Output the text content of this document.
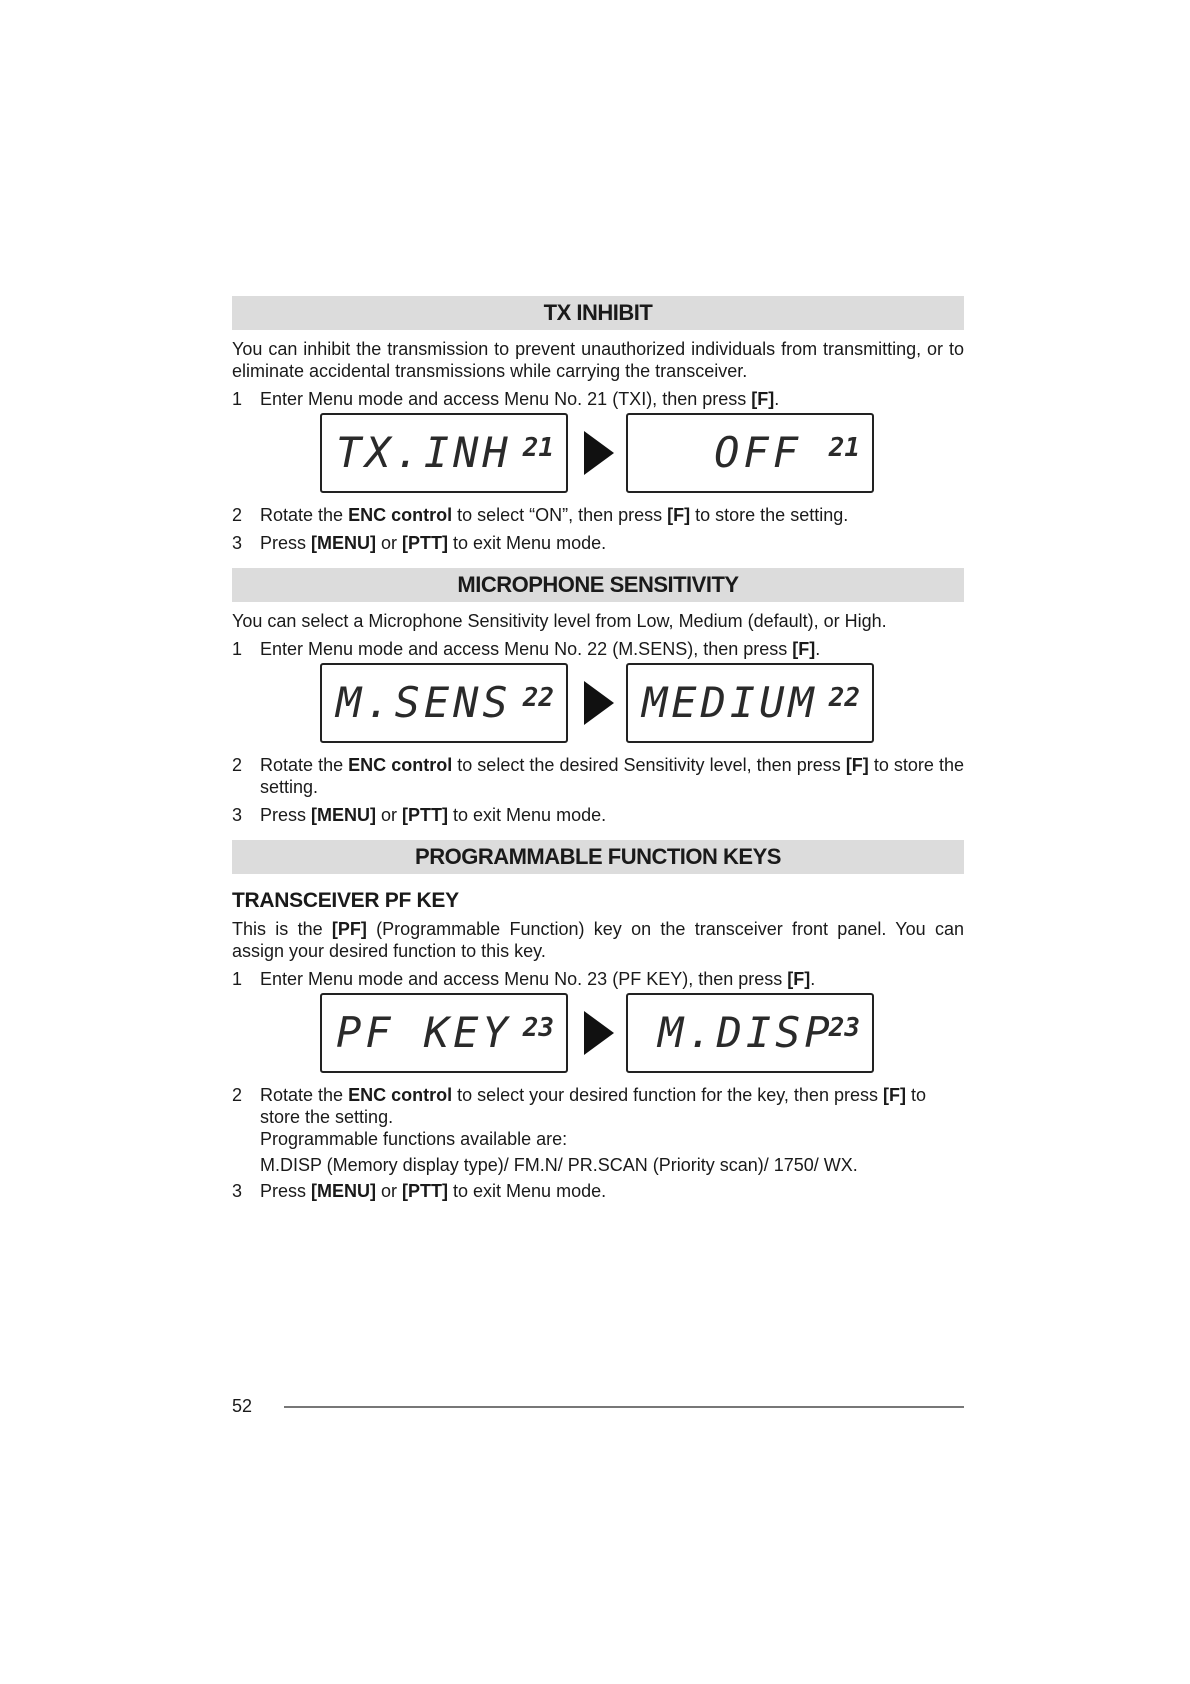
TX INHIBIT

You can inhibit the transmission to prevent unauthorized individuals from transmitting, or to eliminate accidental transmissions while carrying the transceiver.

1 Enter Menu mode and access Menu No. 21 (TXI), then press [F].

TX.INH 21	OFF 21

2 Rotate the ENC control to select “ON”, then press [F] to store the setting.

3 Press [MENU] or [PTT] to exit Menu mode.

MICROPHONE SENSITIVITY

You can select a Microphone Sensitivity level from Low, Medium (default), or High.

1 Enter Menu mode and access Menu No. 22 (M.SENS), then press [F].

M.SENS 22 MEDIUM 22

2 Rotate the ENC control to select the desired Sensitivity level, then press [F] to store the setting.

3 Press [MENU] or [PTT] to exit Menu mode.

PROGRAMMABLE FUNCTION KEYS

TRANSCEIVER PF KEY

This is the [PF] (Programmable Function) key on the transceiver front panel. You can assign your desired function to this key.

1 Enter Menu mode and access Menu No. 23 (PF KEY), then press [F].

PF KEY 23 M.DISP
23
2 Rotate the ENC control to select your desired function for the key, then press [F] to store the setting.
Programmable functions available are:
M.DISP (Memory display type)/ FM.N/ PR.SCAN (Priority scan)/ 1750/ WX.

3 Press [MENU] or [PTT] to exit Menu mode.

52
